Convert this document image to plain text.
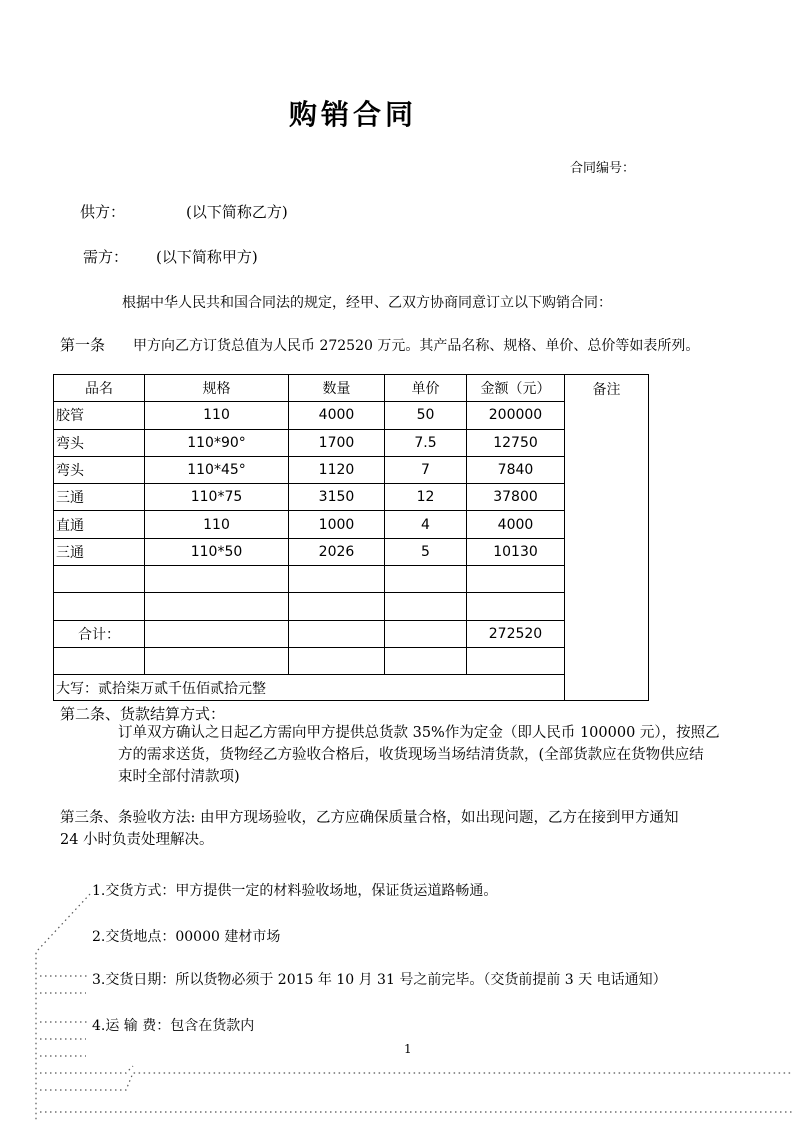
购销合同
合同编号：
供方：	(以下简称乙方)
需方： (以下简称甲方)
根据中华人民共和国合同法的规定，经甲、乙双方协商同意订立以下购销合同：
第一条 甲方向乙方订货总值为人民币 272520 万元。其产品名称、规格、单价、总价等如表所列。
品名	规格	数量	单价	金额（元）	备注
胶管	110	4000	50	200000	
弯头	110*90°	1700	7.5	12750	
弯头	110*45°	1120	7	7840	
三通	110*75	3150	12	37800	
直通	110	1000	4	4000	
三通	110*50	2026	5	10130	

合计：				272520	

大写：贰拾柒万贰千伍佰贰拾元整					
第二条、货款结算方式：
订单双方确认之日起乙方需向甲方提供总货款 35%作为定金（即人民币 100000 元），按照乙
方的需求送货，货物经乙方验收合格后，收货现场当场结清货款，(全部货款应在货物供应结
束时全部付清款项)
第三条、条验收方法: 由甲方现场验收，乙方应确保质量合格，如出现问题，乙方在接到甲方通知
24 小时负责处理解决。
1.交货方式：甲方提供一定的材料验收场地，保证货运道路畅通。
2.交货地点：00000 建材市场
3.交货日期：所以货物必须于 2015 年 10 月 31 号之前完毕。（交货前提前 3 天 电话通知）
4.运 输 费：包含在货款内
1
